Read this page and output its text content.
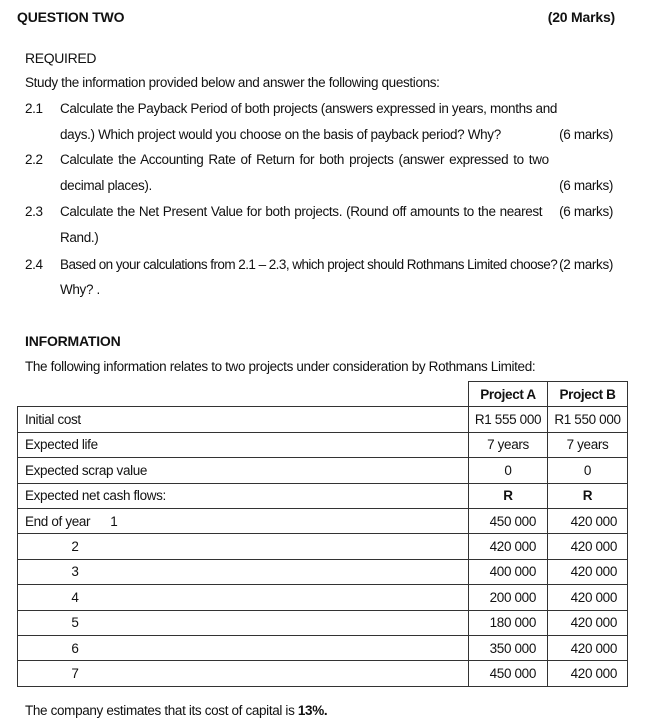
QUESTION TWO	(20 Marks)
REQUIRED
Study the information provided below and answer the following questions:
2.1 Calculate the Payback Period of both projects (answers expressed in years, months and
days.) Which project would you choose on the basis of payback period? Why?	(6 marks)
2.2 Calculate the Accounting Rate of Return for both projects (answer expressed to two
decimal places).	(6 marks)
2.3 Calculate the Net Present Value for both projects. (Round off amounts to the nearest (6 marks)
Rand.)
2.4 Based on your calculations from 2.1 – 2.3, which project should Rothmans Limited choose? (2 marks)
Why? .
INFORMATION
The following information relates to two projects under consideration by Rothmans Limited:
	Project A	Project B
Initial cost	R1 555 000	R1 550 000
Expected life	7 years	7 years
Expected scrap value	0	0
Expected net cash flows:	R	R
End of year 1	450 000	420 000
2	420 000	420 000
3	400 000	420 000
4	200 000	420 000
5	180 000	420 000
6	350 000	420 000
7	450 000	420 000
The company estimates that its cost of capital is 13%.
